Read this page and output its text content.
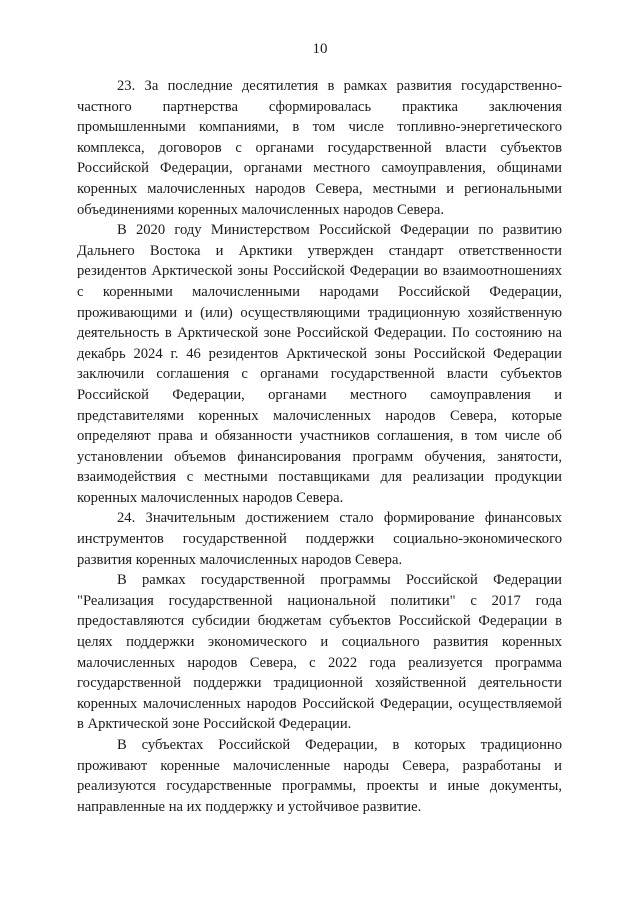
10

23. За последние десятилетия в рамках развития государственно-частного партнерства сформировалась практика заключения промышленными компаниями, в том числе топливно-энергетического комплекса, договоров с органами государственной власти субъектов Российской Федерации, органами местного самоуправления, общинами коренных малочисленных народов Севера, местными и региональными объединениями коренных малочисленных народов Севера.

В 2020 году Министерством Российской Федерации по развитию Дальнего Востока и Арктики утвержден стандарт ответственности резидентов Арктической зоны Российской Федерации во взаимоотношениях с коренными малочисленными народами Российской Федерации, проживающими и (или) осуществляющими традиционную хозяйственную деятельность в Арктической зоне Российской Федерации. По состоянию на декабрь 2024 г. 46 резидентов Арктической зоны Российской Федерации заключили соглашения с органами государственной власти субъектов Российской Федерации, органами местного самоуправления и представителями коренных малочисленных народов Севера, которые определяют права и обязанности участников соглашения, в том числе об установлении объемов финансирования программ обучения, занятости, взаимодействия с местными поставщиками для реализации продукции коренных малочисленных народов Севера.

24. Значительным достижением стало формирование финансовых инструментов государственной поддержки социально-экономического развития коренных малочисленных народов Севера.

В рамках государственной программы Российской Федерации "Реализация государственной национальной политики" с 2017 года предоставляются субсидии бюджетам субъектов Российской Федерации в целях поддержки экономического и социального развития коренных малочисленных народов Севера, с 2022 года реализуется программа государственной поддержки традиционной хозяйственной деятельности коренных малочисленных народов Российской Федерации, осуществляемой в Арктической зоне Российской Федерации.

В субъектах Российской Федерации, в которых традиционно проживают коренные малочисленные народы Севера, разработаны и реализуются государственные программы, проекты и иные документы, направленные на их поддержку и устойчивое развитие.
